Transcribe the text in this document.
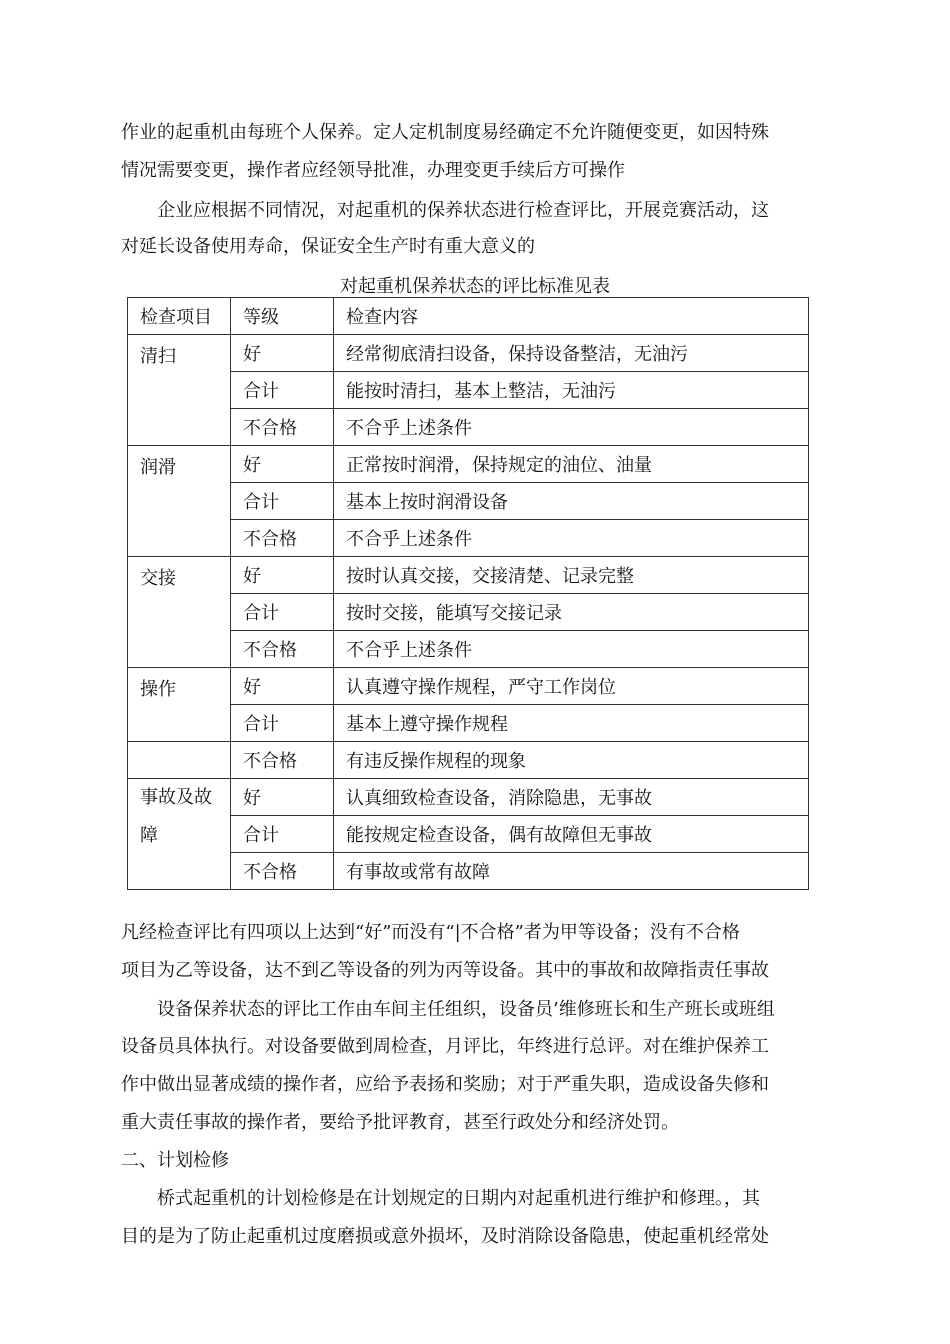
作业的起重机由每班个人保养。定人定机制度易经确定不允许随便变更，如因特殊
情况需要变更，操作者应经领导批准，办理变更手续后方可操作
企业应根据不同情况，对起重机的保养状态进行检查评比，开展竞赛活动，这
对延长设备使用寿命，保证安全生产时有重大意义的
对起重机保养状态的评比标准见表
检查项目	等级	检查内容
清扫	好	经常彻底清扫设备，保持设备整洁，无油污
	合计	能按时清扫，基本上整洁，无油污
	不合格	不合乎上述条件
润滑	好	正常按时润滑，保持规定的油位、油量
	合计	基本上按时润滑设备
	不合格	不合乎上述条件
交接	好	按时认真交接，交接清楚、记录完整
	合计	按时交接，能填写交接记录
	不合格	不合乎上述条件
操作	好	认真遵守操作规程，严守工作岗位
	合计	基本上遵守操作规程
	不合格	有违反操作规程的现象
事故及故
障	好	认真细致检查设备，消除隐患，无事故
	合计	能按规定检查设备，偶有故障但无事故
	不合格	有事故或常有故障
凡经检查评比有四项以上达到“好”而没有“|不合格”者为甲等设备；没有不合格
项目为乙等设备，达不到乙等设备的列为丙等设备。其中的事故和故障指责任事故
设备保养状态的评比工作由车间主任组织，设备员’维修班长和生产班长或班组
设备员具体执行。对设备要做到周检查，月评比，年终进行总评。对在维护保养工
作中做出显著成绩的操作者，应给予表扬和奖励；对于严重失职，造成设备失修和
重大责任事故的操作者，要给予批评教育，甚至行政处分和经济处罚。
二、计划检修
桥式起重机的计划检修是在计划规定的日期内对起重机进行维护和修理。，其
目的是为了防止起重机过度磨损或意外损坏，及时消除设备隐患，使起重机经常处
